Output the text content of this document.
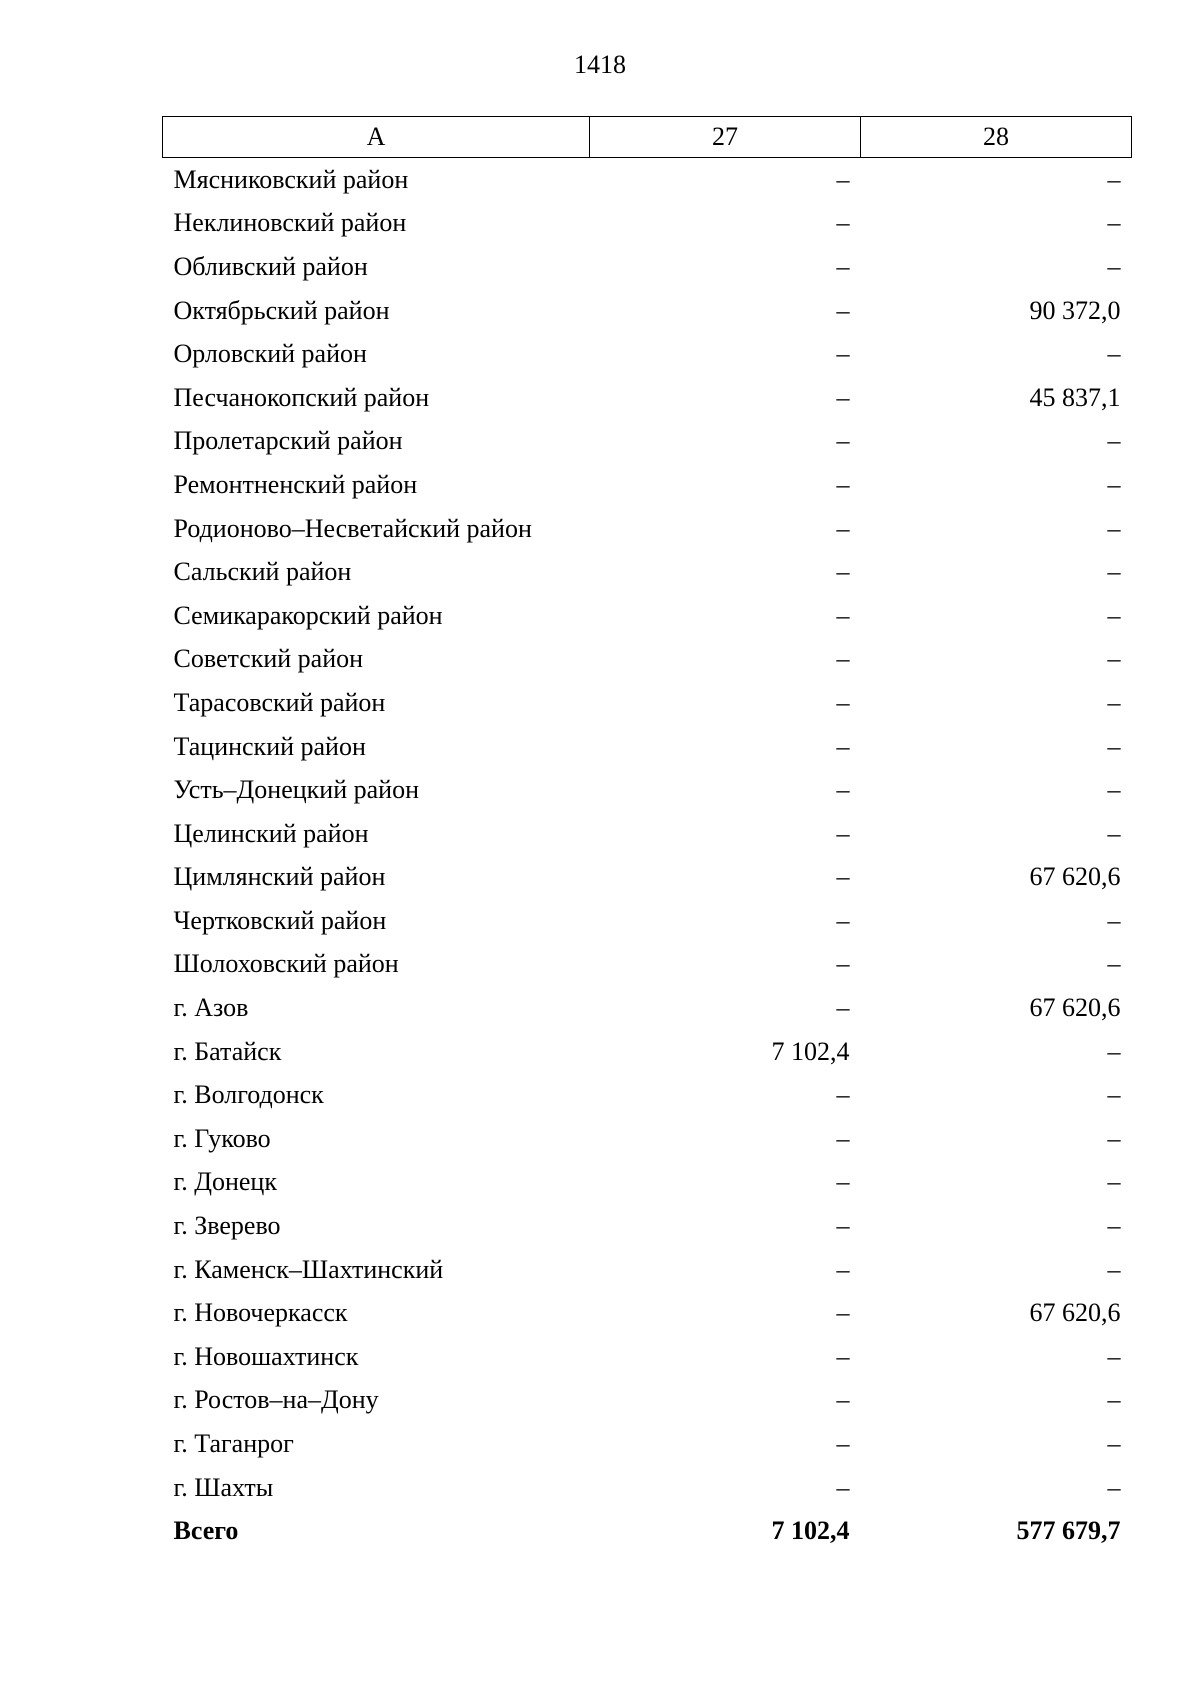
1418
А	27	28
Мясниковский район	–	–
Неклиновский район	–	–
Обливский район	–	–
Октябрьский район	–	90 372,0
Орловский район	–	–
Песчанокопский район	–	45 837,1
Пролетарский район	–	–
Ремонтненский район	–	–
Родионово–Несветайский район	–	–
Сальский район	–	–
Семикаракорский район	–	–
Советский район	–	–
Тарасовский район	–	–
Тацинский район	–	–
Усть–Донецкий район	–	–
Целинский район	–	–
Цимлянский район	–	67 620,6
Чертковский район	–	–
Шолоховский район	–	–
г. Азов	–	67 620,6
г. Батайск	7 102,4	–
г. Волгодонск	–	–
г. Гуково	–	–
г. Донецк	–	–
г. Зверево	–	–
г. Каменск–Шахтинский	–	–
г. Новочеркасск	–	67 620,6
г. Новошахтинск	–	–
г. Ростов–на–Дону	–	–
г. Таганрог	–	–
г. Шахты	–	–
Всего	7 102,4	577 679,7
